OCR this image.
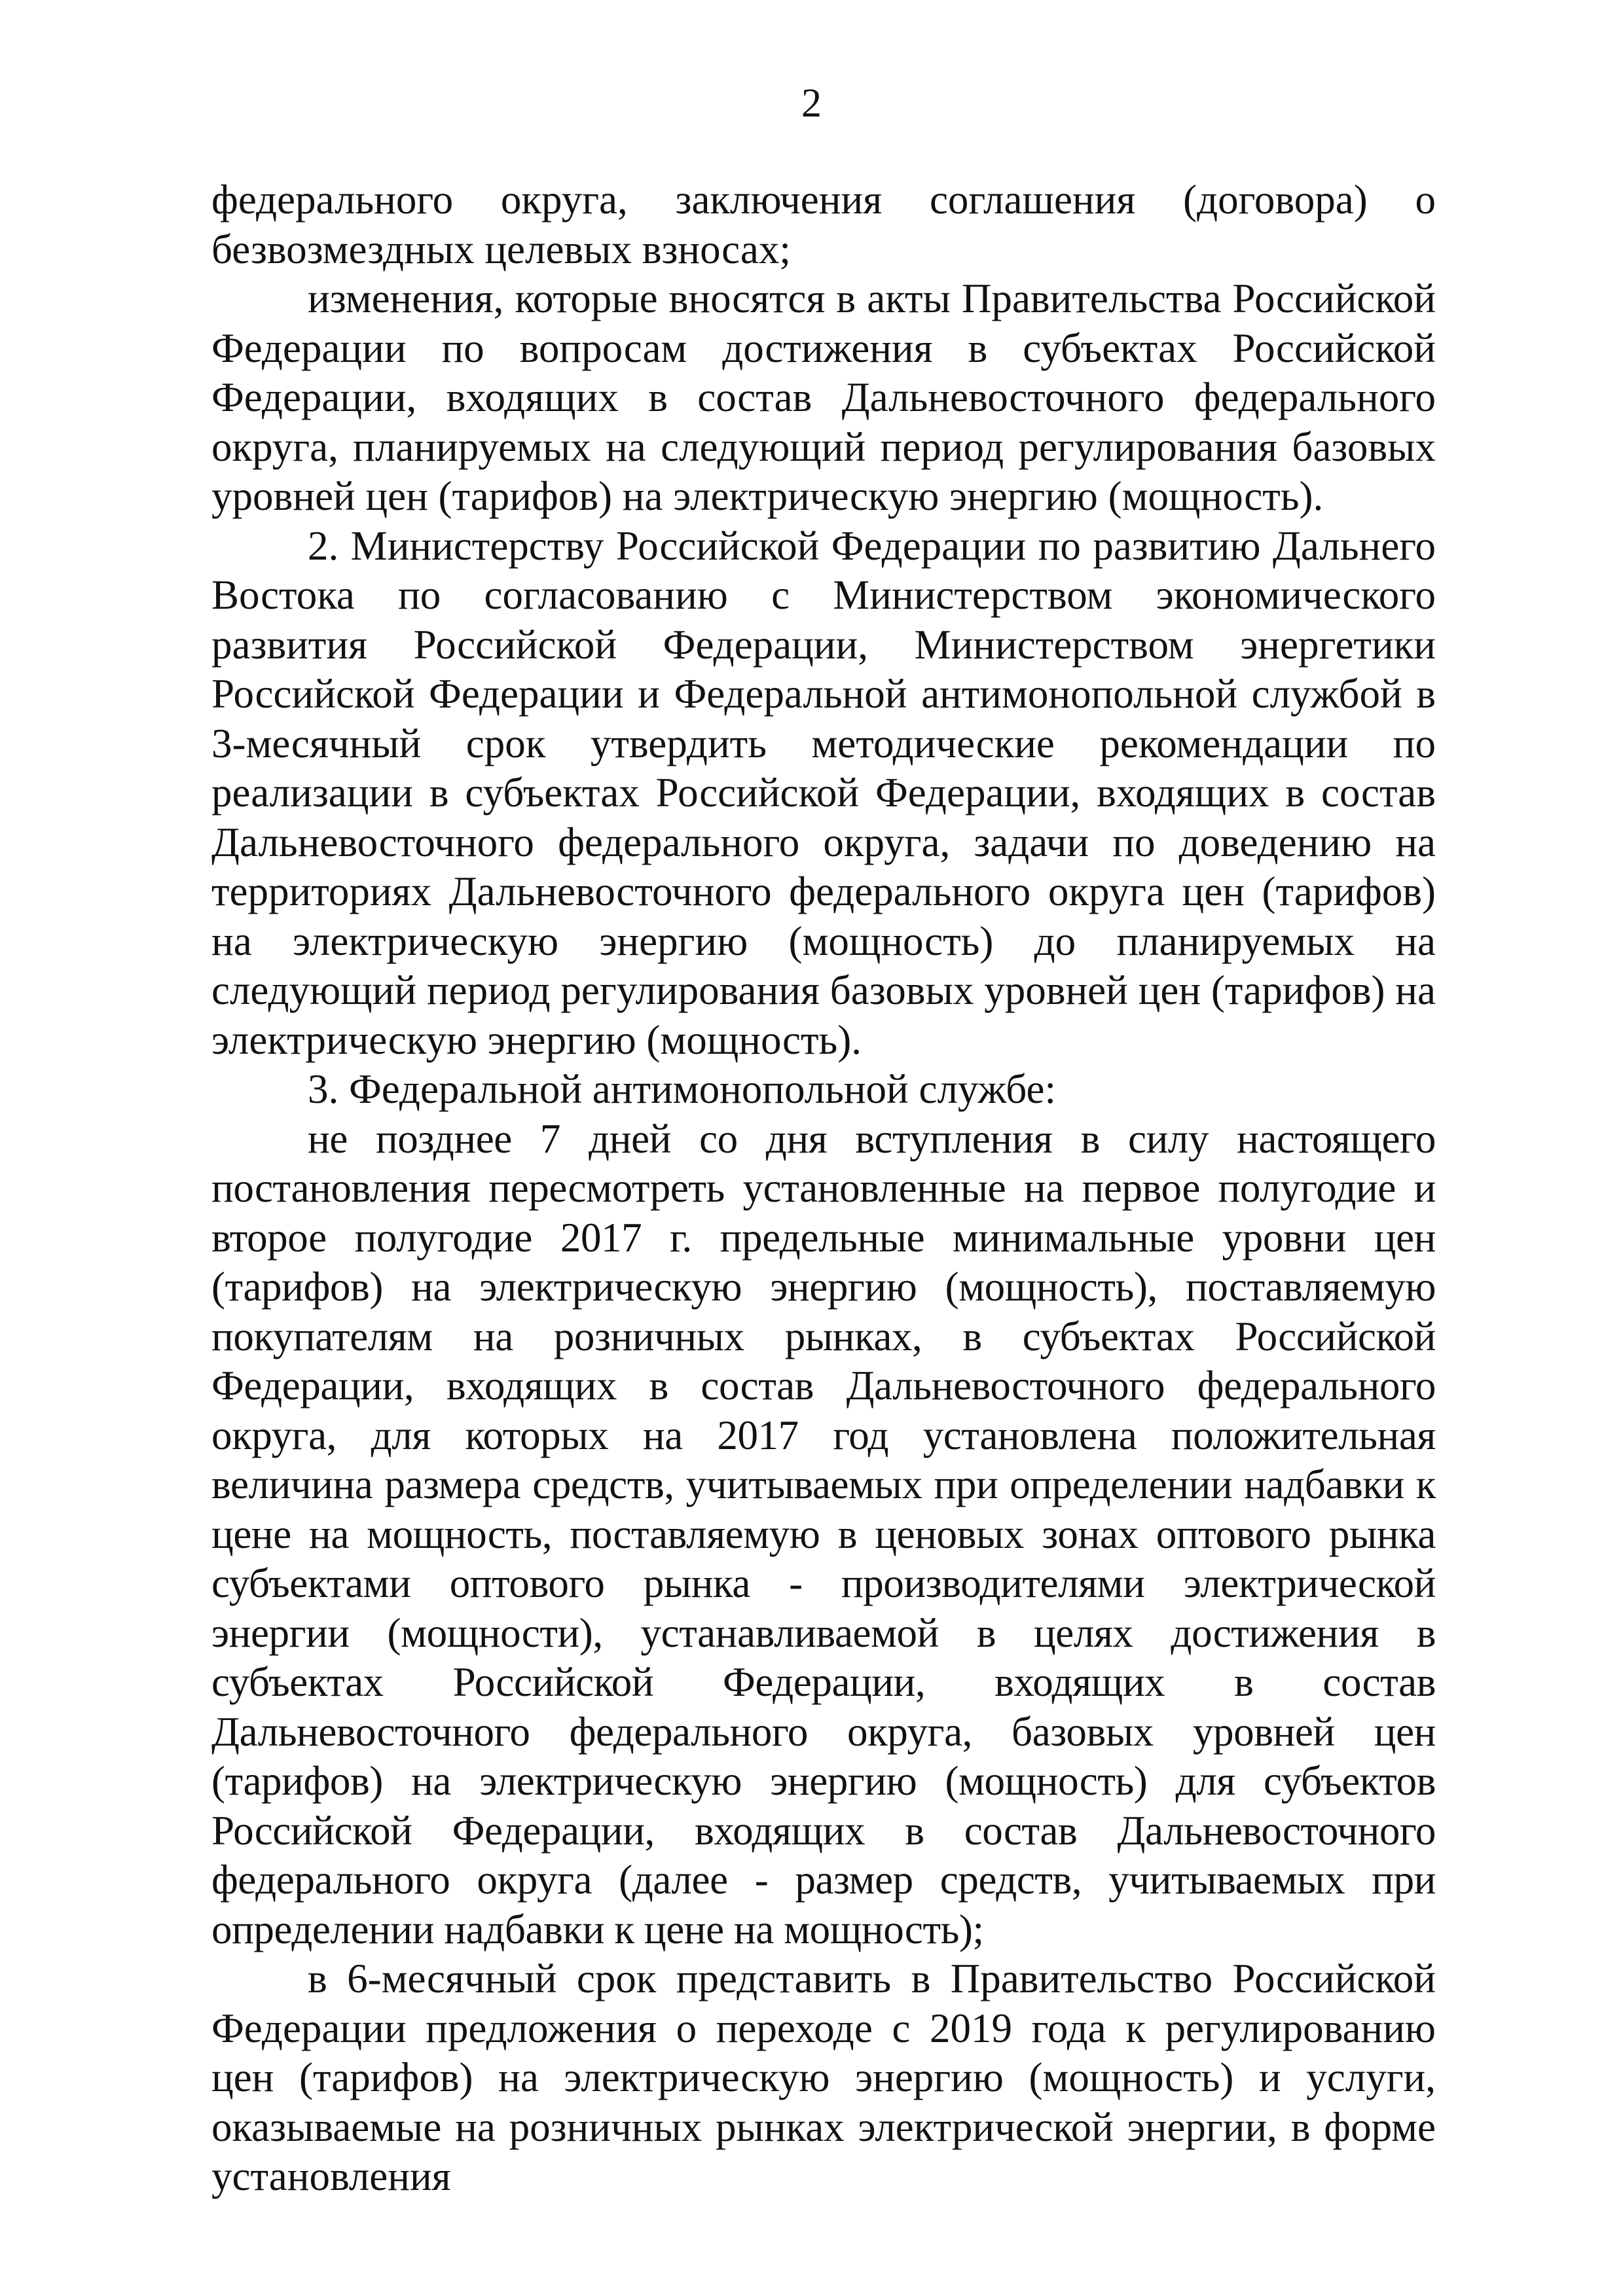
2

федерального округа, заключения соглашения (договора) о безвозмездных целевых взносах;

изменения, которые вносятся в акты Правительства Российской Федерации по вопросам достижения в субъектах Российской Федерации, входящих в состав Дальневосточного федерального округа, планируемых на следующий период регулирования базовых уровней цен (тарифов) на электрическую энергию (мощность).

2. Министерству Российской Федерации по развитию Дальнего Востока по согласованию с Министерством экономического развития Российской Федерации, Министерством энергетики Российской Федерации и Федеральной антимонопольной службой в 3-месячный срок утвердить методические рекомендации по реализации в субъектах Российской Федерации, входящих в состав Дальневосточного федерального округа, задачи по доведению на территориях Дальневосточного федерального округа цен (тарифов) на электрическую энергию (мощность) до планируемых на следующий период регулирования базовых уровней цен (тарифов) на электрическую энергию (мощность).

3. Федеральной антимонопольной службе:

не позднее 7 дней со дня вступления в силу настоящего постановления пересмотреть установленные на первое полугодие и второе полугодие 2017 г. предельные минимальные уровни цен (тарифов) на электрическую энергию (мощность), поставляемую покупателям на розничных рынках, в субъектах Российской Федерации, входящих в состав Дальневосточного федерального округа, для которых на 2017 год установлена положительная величина размера средств, учитываемых при определении надбавки к цене на мощность, поставляемую в ценовых зонах оптового рынка субъектами оптового рынка - производителями электрической энергии (мощности), устанавливаемой в целях достижения в субъектах Российской Федерации, входящих в состав Дальневосточного федерального округа, базовых уровней цен (тарифов) на электрическую энергию (мощность) для субъектов Российской Федерации, входящих в состав Дальневосточного федерального округа (далее - размер средств, учитываемых при определении надбавки к цене на мощность);

в 6-месячный срок представить в Правительство Российской Федерации предложения о переходе с 2019 года к регулированию цен (тарифов) на электрическую энергию (мощность) и услуги, оказываемые на розничных рынках электрической энергии, в форме установления
